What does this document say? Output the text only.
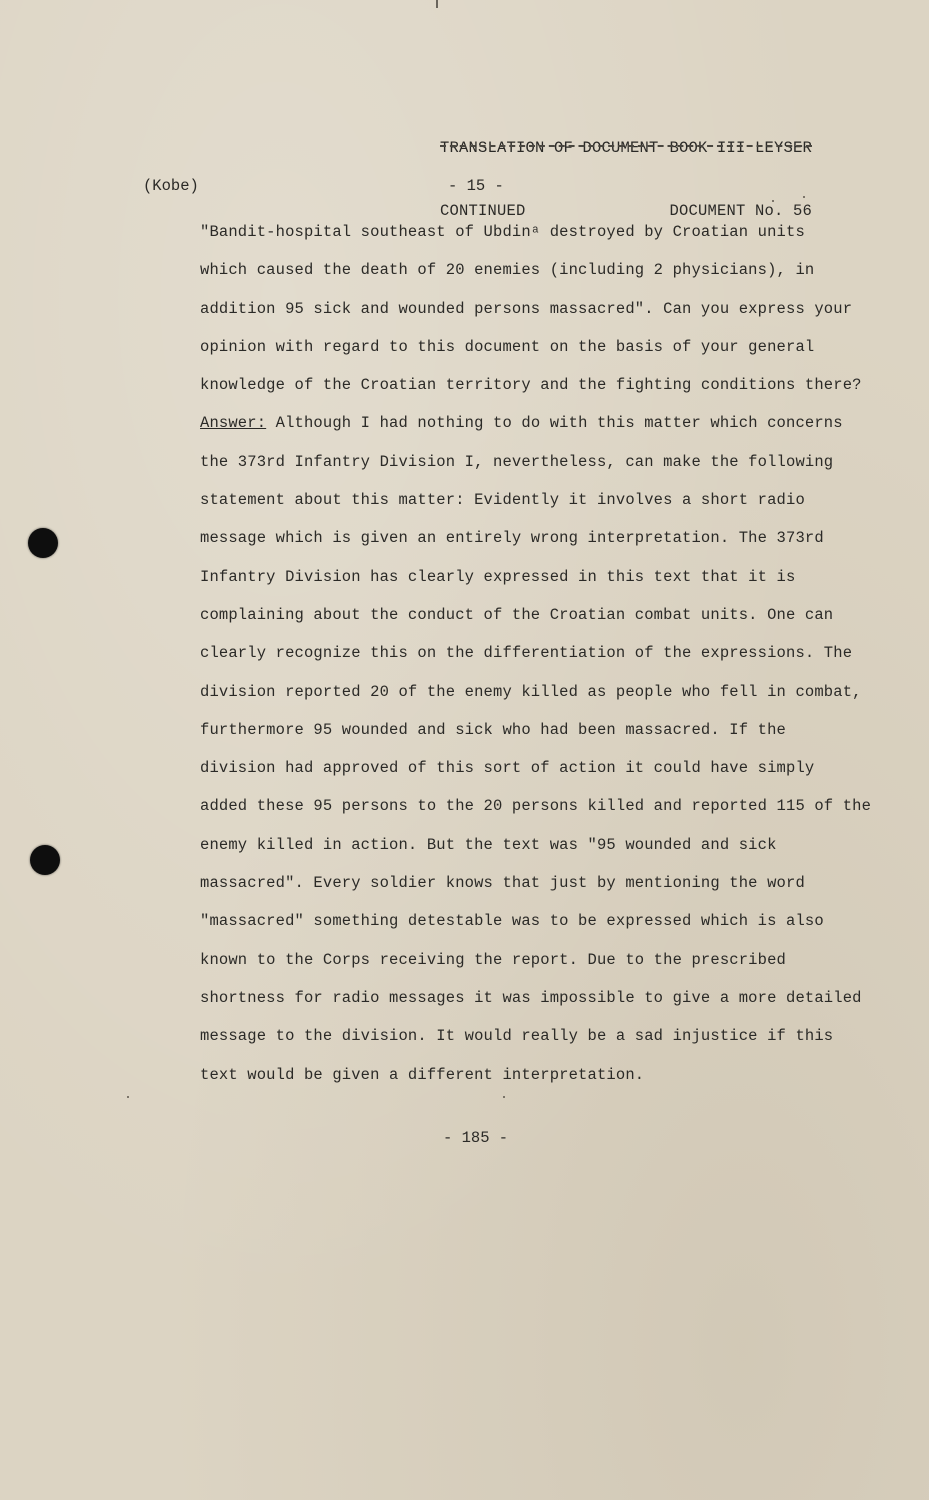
TRANSLATION OF DOCUMENT BOOK III LEYSER

CONTINUED	DOCUMENT No. 56

(Kobe)	- 15 -
"Bandit-hospital southeast of Ubdinᵃ destroyed by Croatian units
which caused the death of 20 enemies (including 2 physicians), in
addition 95 sick and wounded persons massacred". Can you express your
opinion with regard to this document on the basis of your general
knowledge of the Croatian territory and the fighting conditions there?
Answer: Although I had nothing to do with this matter which concerns
the 373rd Infantry Division I, nevertheless, can make the following
statement about this matter: Evidently it involves a short radio
message which is given an entirely wrong interpretation. The 373rd
Infantry Division has clearly expressed in this text that it is
complaining about the conduct of the Croatian combat units. One can
clearly recognize this on the differentiation of the expressions. The
division reported 20 of the enemy killed as people who fell in combat,
furthermore 95 wounded and sick who had been massacred. If the
division had approved of this sort of action it could have simply
added these 95 persons to the 20 persons killed and reported 115 of the
enemy killed in action. But the text was "95 wounded and sick
massacred". Every soldier knows that just by mentioning the word
"massacred" something detestable was to be expressed which is also
known to the Corps receiving the report. Due to the prescribed
shortness for radio messages it was impossible to give a more detailed
message to the division. It would really be a sad injustice if this
text would be given a different interpretation.
- 185 -
